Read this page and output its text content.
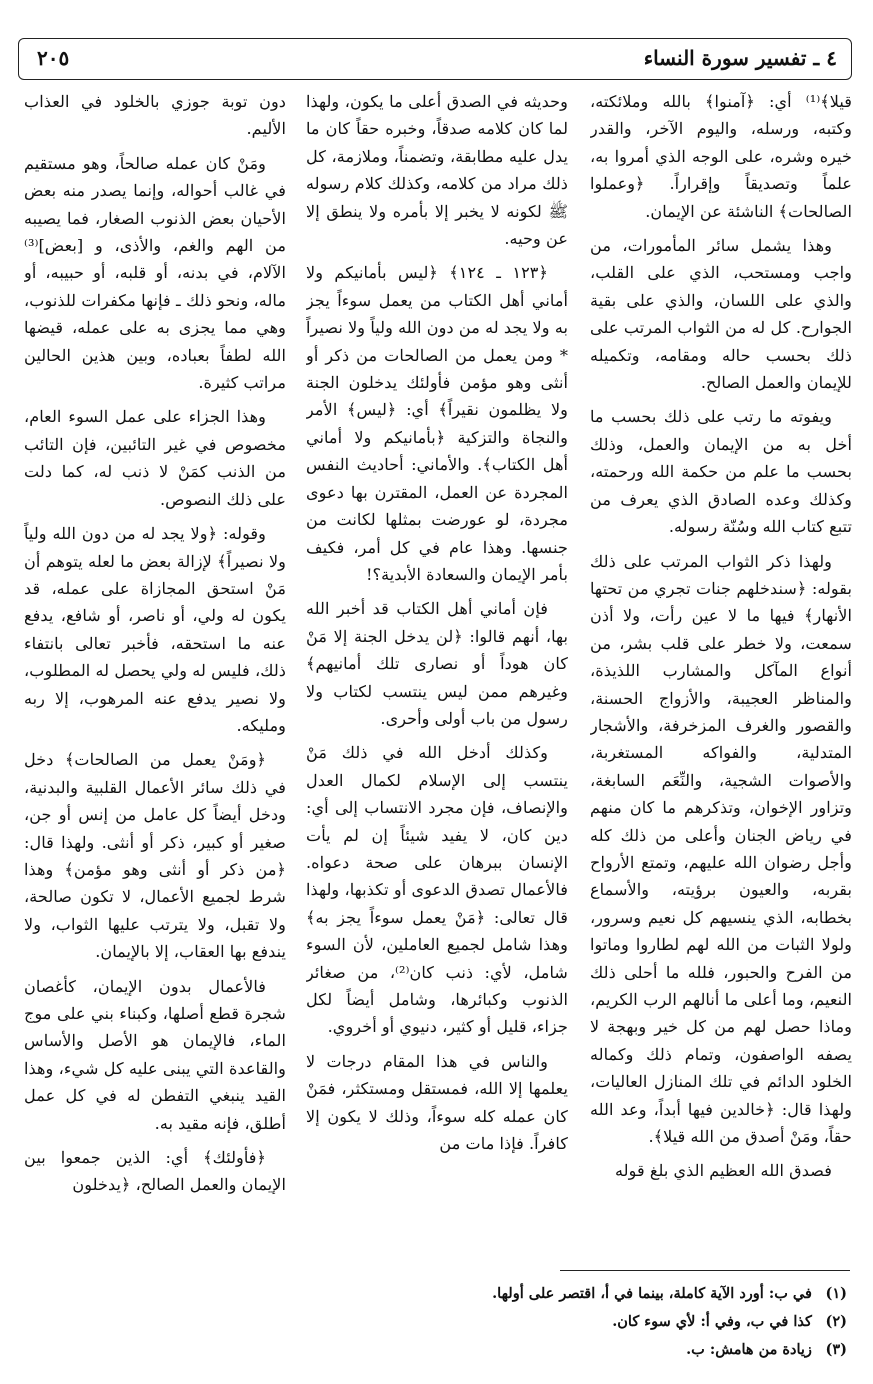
٤ ـ تفسير سورة النساء
٢٠٥

قيلا﴾⁽¹⁾ أي: ﴿آمنوا﴾ بالله وملائكته، وكتبه، ورسله، واليوم الآخر، والقدر خيره وشره، على الوجه الذي أمروا به، علماً وتصديقاً وإقراراً. ﴿وعملوا الصالحات﴾ الناشئة عن الإيمان.

وهذا يشمل سائر المأمورات، من واجب ومستحب، الذي على القلب، والذي على اللسان، والذي على بقية الجوارح. كل له من الثواب المرتب على ذلك بحسب حاله ومقامه، وتكميله للإيمان والعمل الصالح.

ويفوته ما رتب على ذلك بحسب ما أخل به من الإيمان والعمل، وذلك بحسب ما علم من حكمة الله ورحمته، وكذلك وعده الصادق الذي يعرف من تتبع كتاب الله وسُنّة رسوله.

ولهذا ذكر الثواب المرتب على ذلك بقوله: ﴿سندخلهم جنات تجري من تحتها الأنهار﴾ فيها ما لا عين رأت، ولا أذن سمعت، ولا خطر على قلب بشر، من أنواع المآكل والمشارب اللذيذة، والمناظر العجيبة، والأزواج الحسنة، والقصور والغرف المزخرفة، والأشجار المتدلية، والفواكه المستغربة، والأصوات الشجية، والنِّعَم السابغة، وتزاور الإخوان، وتذكرهم ما كان منهم في رياض الجنان وأعلى من ذلك كله وأجل رضوان الله عليهم، وتمتع الأرواح بقربه، والعيون برؤيته، والأسماع بخطابه، الذي ينسيهم كل نعيم وسرور، ولولا الثبات من الله لهم لطاروا وماتوا من الفرح والحبور، فلله ما أحلى ذلك النعيم، وما أعلى ما أنالهم الرب الكريم، وماذا حصل لهم من كل خير وبهجة لا يصفه الواصفون، وتمام ذلك وكماله الخلود الدائم في تلك المنازل العاليات، ولهذا قال: ﴿خالدين فيها أبداً، وعد الله حقاً، ومَنْ أصدق من الله قيلا﴾.

فصدق الله العظيم الذي بلغ قوله

وحديثه في الصدق أعلى ما يكون، ولهذا لما كان كلامه صدقاً، وخبره حقاً كان ما يدل عليه مطابقة، وتضمناً، وملازمة، كل ذلك مراد من كلامه، وكذلك كلام رسوله ﷺ لكونه لا يخبر إلا بأمره ولا ينطق إلا عن وحيه.

﴿١٢٣ ـ ١٢٤﴾ ﴿ليس بأمانيكم ولا أماني أهل الكتاب من يعمل سوءاً يجز به ولا يجد له من دون الله ولياً ولا نصيراً * ومن يعمل من الصالحات من ذكر أو أنثى وهو مؤمن فأولئك يدخلون الجنة ولا يظلمون نقيراً﴾ أي: ﴿ليس﴾ الأمر والنجاة والتزكية ﴿بأمانيكم ولا أماني أهل الكتاب﴾. والأماني: أحاديث النفس المجردة عن العمل، المقترن بها دعوى مجردة، لو عورضت بمثلها لكانت من جنسها. وهذا عام في كل أمر، فكيف بأمر الإيمان والسعادة الأبدية؟!

فإن أماني أهل الكتاب قد أخبر الله بها، أنهم قالوا: ﴿لن يدخل الجنة إلا مَنْ كان هوداً أو نصارى تلك أمانيهم﴾ وغيرهم ممن ليس ينتسب لكتاب ولا رسول من باب أولى وأحرى.

وكذلك أدخل الله في ذلك مَنْ ينتسب إلى الإسلام لكمال العدل والإنصاف، فإن مجرد الانتساب إلى أي: دين كان، لا يفيد شيئاً إن لم يأت الإنسان ببرهان على صحة دعواه. فالأعمال تصدق الدعوى أو تكذبها، ولهذا قال تعالى: ﴿مَنْ يعمل سوءاً يجز به﴾ وهذا شامل لجميع العاملين، لأن السوء شامل، لأي: ذنب كان⁽²⁾، من صغائر الذنوب وكبائرها، وشامل أيضاً لكل جزاء، قليل أو كثير، دنيوي أو أخروي.

والناس في هذا المقام درجات لا يعلمها إلا الله، فمستقل ومستكثر، فمَنْ كان عمله كله سوءاً، وذلك لا يكون إلا كافراً. فإذا مات من

دون توبة جوزي بالخلود في العذاب الأليم.

ومَنْ كان عمله صالحاً، وهو مستقيم في غالب أحواله، وإنما يصدر منه بعض الأحيان بعض الذنوب الصغار، فما يصيبه من الهم والغم، والأذى، و [بعض]⁽³⁾ الآلام، في بدنه، أو قلبه، أو حبيبه، أو ماله، ونحو ذلك ـ فإنها مكفرات للذنوب، وهي مما يجزى به على عمله، قيضها الله لطفاً بعباده، وبين هذين الحالين مراتب كثيرة.

وهذا الجزاء على عمل السوء العام، مخصوص في غير التائبين، فإن التائب من الذنب كمَنْ لا ذنب له، كما دلت على ذلك النصوص.

وقوله: ﴿ولا يجد له من دون الله ولياً ولا نصيراً﴾ لإزالة بعض ما لعله يتوهم أن مَنْ استحق المجازاة على عمله، قد يكون له ولي، أو ناصر، أو شافع، يدفع عنه ما استحقه، فأخبر تعالى بانتفاء ذلك، فليس له ولي يحصل له المطلوب، ولا نصير يدفع عنه المرهوب، إلا ربه ومليكه.

﴿ومَنْ يعمل من الصالحات﴾ دخل في ذلك سائر الأعمال القلبية والبدنية، ودخل أيضاً كل عامل من إنس أو جن، صغير أو كبير، ذكر أو أنثى. ولهذا قال: ﴿من ذكر أو أنثى وهو مؤمن﴾ وهذا شرط لجميع الأعمال، لا تكون صالحة، ولا تقبل، ولا يترتب عليها الثواب، ولا يندفع بها العقاب، إلا بالإيمان.

فالأعمال بدون الإيمان، كأغصان شجرة قطع أصلها، وكبناء بني على موج الماء، فالإيمان هو الأصل والأساس والقاعدة التي يبنى عليه كل شيء، وهذا القيد ينبغي التفطن له في كل عمل أطلق، فإنه مقيد به.

﴿فأولئك﴾ أي: الذين جمعوا بين الإيمان والعمل الصالح، ﴿يدخلون

(١) في ب: أورد الآية كاملة، بينما في أ، اقتصر على أولها.
(٢) كذا في ب، وفي أ: لأي سوء كان.
(٣) زيادة من هامش: ب.
